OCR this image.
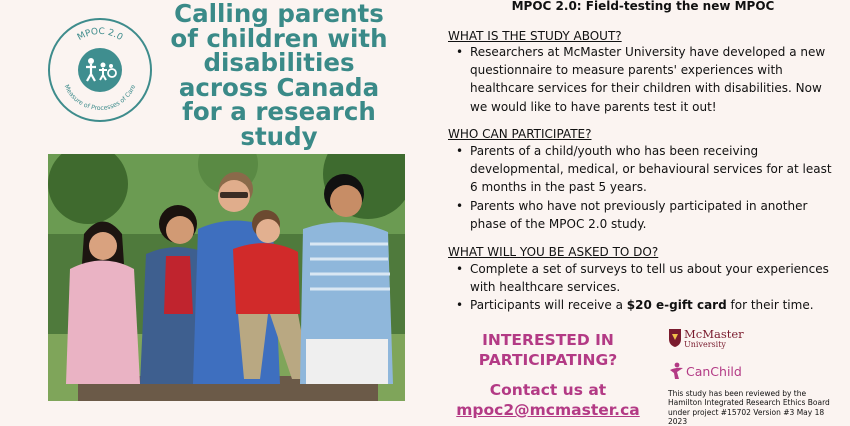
MPOC 2.0
Measure of Processes of Care
Calling parents of children with disabilities across Canada for a research study
MPOC 2.0: Field-testing the new MPOC
WHAT IS THE STUDY ABOUT?
• Researchers at McMaster University have developed a new questionnaire to measure parents' experiences with healthcare services for their children with disabilities. Now we would like to have parents test it out!
WHO CAN PARTICIPATE?
• Parents of a child/youth who has been receiving developmental, medical, or behavioural services for at least 6 months in the past 5 years.
• Parents who have not previously participated in another phase of the MPOC 2.0 study.
WHAT WILL YOU BE ASKED TO DO?
• Complete a set of surveys to tell us about your experiences with healthcare services.
• Participants will receive a $20 e-gift card for their time.

INTERESTED IN PARTICIPATING?

Contact us at
mpoc2@mcmaster.ca
McMaster
University
CanChild

This study has been reviewed by the Hamilton Integrated Research Ethics Board under project #15702 Version #3 May 18 2023
